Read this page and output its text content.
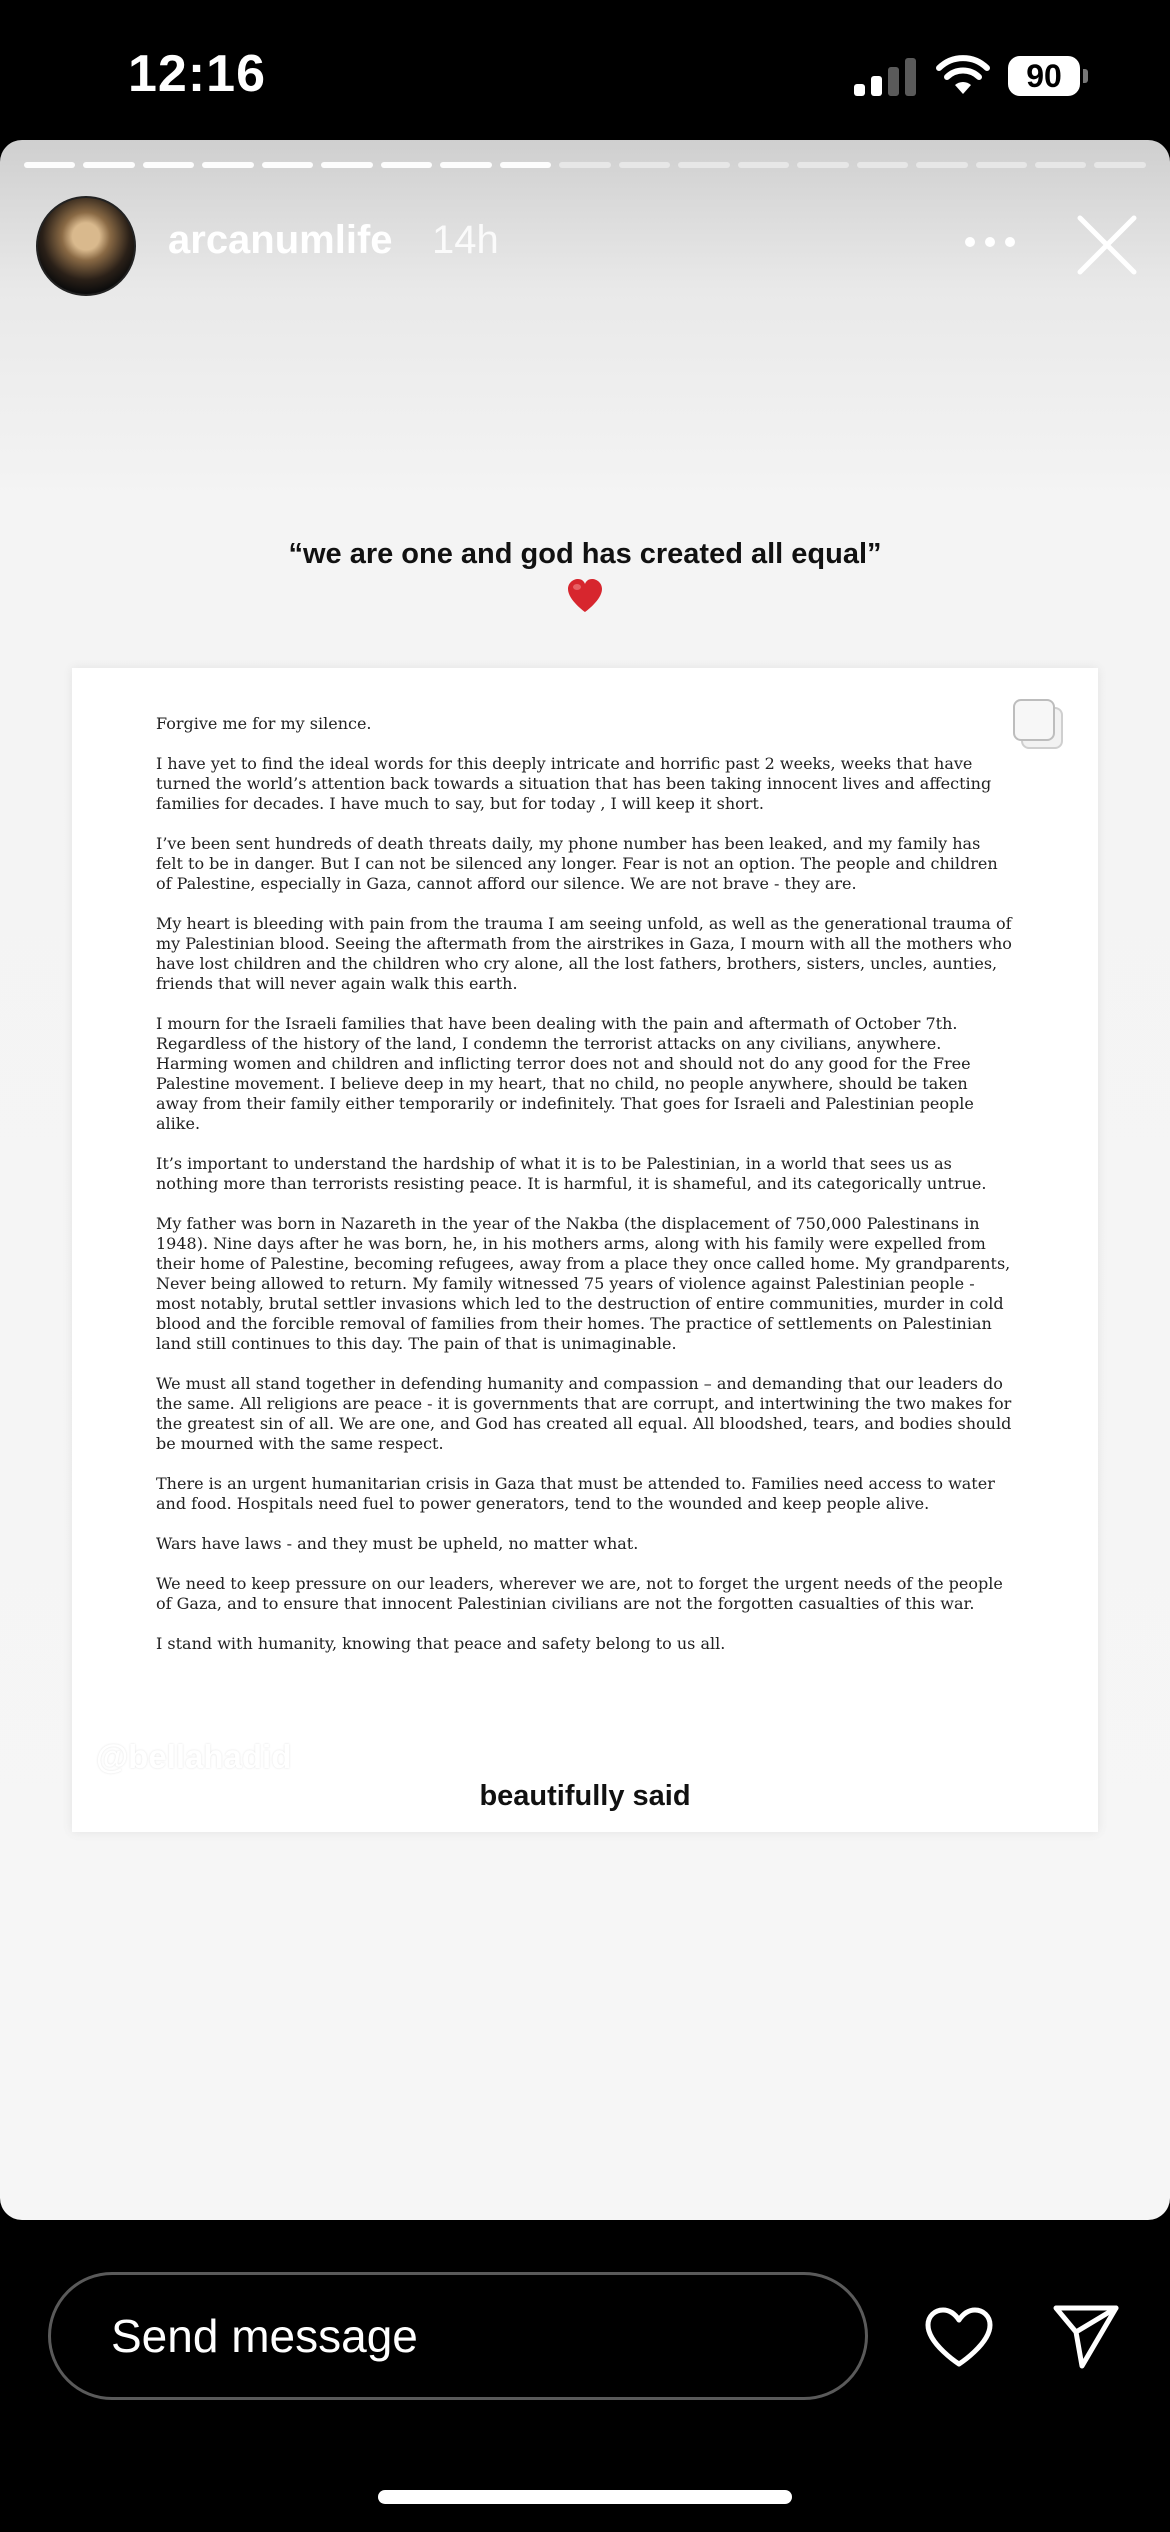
12:16	90
arcanumlife 14h
“we are one and god has created all equal”

Forgive me for my silence.

I have yet to find the ideal words for this deeply intricate and horrific past 2 weeks, weeks that have turned the world’s attention back towards a situation that has been taking innocent lives and affecting families for decades. I have much to say, but for today , I will keep it short.

I’ve been sent hundreds of death threats daily, my phone number has been leaked, and my family has felt to be in danger. But I can not be silenced any longer. Fear is not an option. The people and children of Palestine, especially in Gaza, cannot afford our silence. We are not brave - they are.

My heart is bleeding with pain from the trauma I am seeing unfold, as well as the generational trauma of my Palestinian blood. Seeing the aftermath from the airstrikes in Gaza, I mourn with all the mothers who have lost children and the children who cry alone, all the lost fathers, brothers, sisters, uncles, aunties, friends that will never again walk this earth.

I mourn for the Israeli families that have been dealing with the pain and aftermath of October 7th. Regardless of the history of the land, I condemn the terrorist attacks on any civilians, anywhere. Harming women and children and inflicting terror does not and should not do any good for the Free Palestine movement. I believe deep in my heart, that no child, no people anywhere, should be taken away from their family either temporarily or indefinitely. That goes for Israeli and Palestinian people alike.

It’s important to understand the hardship of what it is to be Palestinian, in a world that sees us as nothing more than terrorists resisting peace. It is harmful, it is shameful, and its categorically untrue.

My father was born in Nazareth in the year of the Nakba (the displacement of 750,000 Palestinans in 1948). Nine days after he was born, he, in his mothers arms, along with his family were expelled from their home of Palestine, becoming refugees, away from a place they once called home. My grandparents, Never being allowed to return. My family witnessed 75 years of violence against Palestinian people - most notably, brutal settler invasions which led to the destruction of entire communities, murder in cold blood and the forcible removal of families from their homes. The practice of settlements on Palestinian land still continues to this day. The pain of that is unimaginable.

We must all stand together in defending humanity and compassion – and demanding that our leaders do the same. All religions are peace - it is governments that are corrupt, and intertwining the two makes for the greatest sin of all. We are one, and God has created all equal. All bloodshed, tears, and bodies should be mourned with the same respect.

There is an urgent humanitarian crisis in Gaza that must be attended to. Families need access to water and food. Hospitals need fuel to power generators, tend to the wounded and keep people alive.

Wars have laws - and they must be upheld, no matter what.

We need to keep pressure on our leaders, wherever we are, not to forget the urgent needs of the people of Gaza, and to ensure that innocent Palestinian civilians are not the forgotten casualties of this war.

I stand with humanity, knowing that peace and safety belong to us all.

@bellahadid
beautifully said
Send message
